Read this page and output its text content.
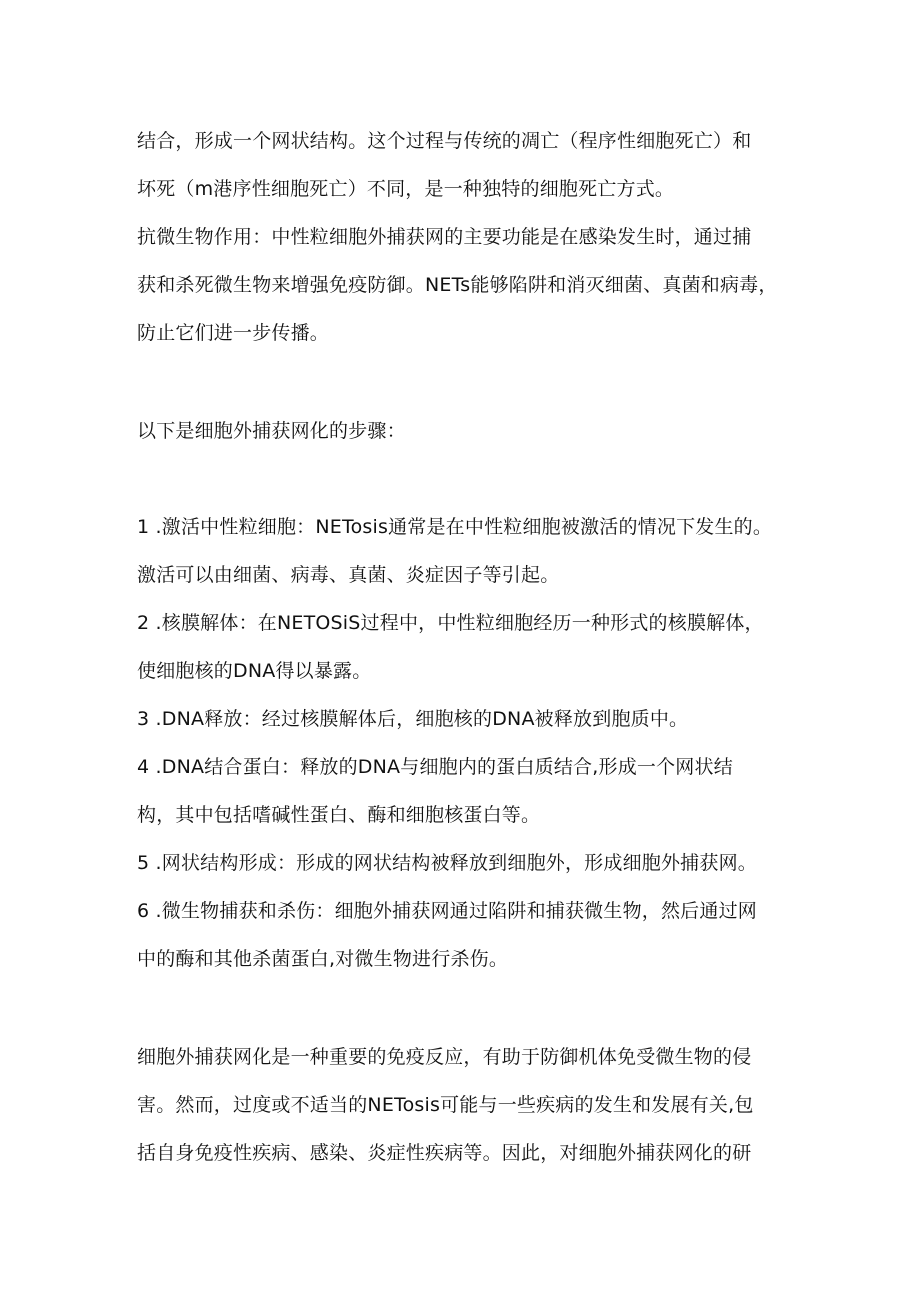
结合，形成一个网状结构。这个过程与传统的凋亡（程序性细胞死亡）和
坏死（m港序性细胞死亡）不同，是一种独特的细胞死亡方式。
抗微生物作用：中性粒细胞外捕获网的主要功能是在感染发生时，通过捕
获和杀死微生物来增强免疫防御。NETs能够陷阱和消灭细菌、真菌和病毒，
防止它们进一步传播。
以下是细胞外捕获网化的步骤：
1 .激活中性粒细胞：NETosis通常是在中性粒细胞被激活的情况下发生的。
激活可以由细菌、病毒、真菌、炎症因子等引起。
2 .核膜解体：在NETOSiS过程中，中性粒细胞经历一种形式的核膜解体，
使细胞核的DNA得以暴露。
3 .DNA释放：经过核膜解体后，细胞核的DNA被释放到胞质中。
4 .DNA结合蛋白：释放的DNA与细胞内的蛋白质结合,形成一个网状结
构，其中包括嗜碱性蛋白、酶和细胞核蛋白等。
5 .网状结构形成：形成的网状结构被释放到细胞外，形成细胞外捕获网。
6 .微生物捕获和杀伤：细胞外捕获网通过陷阱和捕获微生物，然后通过网
中的酶和其他杀菌蛋白,对微生物进行杀伤。
细胞外捕获网化是一种重要的免疫反应，有助于防御机体免受微生物的侵
害。然而，过度或不适当的NETosis可能与一些疾病的发生和发展有关,包
括自身免疫性疾病、感染、炎症性疾病等。因此，对细胞外捕获网化的研
